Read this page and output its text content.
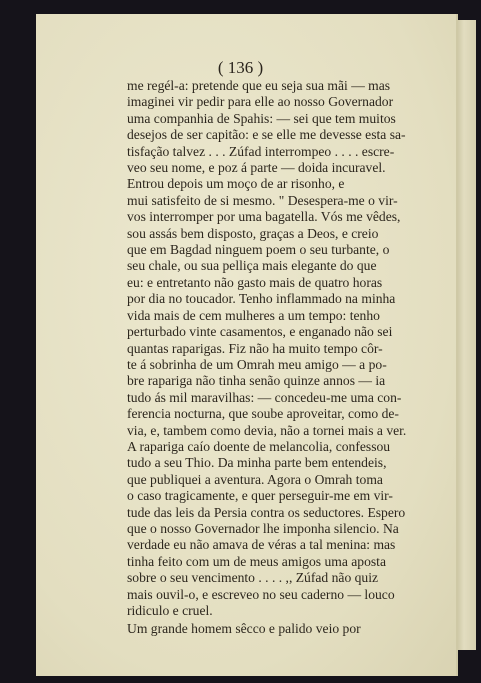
( 136 )
me regél-a: pretende que eu seja sua mãi — mas
imaginei vir pedir para elle ao nosso Governador
uma companhia de Spahis: — sei que tem muitos
desejos de ser capitão: e se elle me devesse esta sa-
tisfação talvez . . . Zúfad interrompeo . . . . escre-
veo seu nome, e poz á parte — doida incuravel.
Entrou depois um moço de ar risonho, e
mui satisfeito de si mesmo. " Desespera-me o vir-
vos interromper por uma bagatella. Vós me vêdes,
sou assás bem disposto, graças a Deos, e creio
que em Bagdad ninguem poem o seu turbante, o
seu chale, ou sua pelliça mais elegante do que
eu: e entretanto não gasto mais de quatro horas
por dia no toucador. Tenho inflammado na minha
vida mais de cem mulheres a um tempo: tenho
perturbado vinte casamentos, e enganado não sei
quantas raparigas. Fiz não ha muito tempo côr-
te á sobrinha de um Omrah meu amigo — a po-
bre rapariga não tinha senão quinze annos — ia
tudo ás mil maravilhas: — concedeu-me uma con-
ferencia nocturna, que soube aproveitar, como de-
via, e, tambem como devia, não a tornei mais a ver.
A rapariga caío doente de melancolia, confessou
tudo a seu Thio. Da minha parte bem entendeis,
que publiquei a aventura. Agora o Omrah toma
o caso tragicamente, e quer perseguir-me em vir-
tude das leis da Persia contra os seductores. Espero
que o nosso Governador lhe imponha silencio. Na
verdade eu não amava de véras a tal menina: mas
tinha feito com um de meus amigos uma aposta
sobre o seu vencimento . . . . ,, Zúfad não quiz
mais ouvil-o, e escreveo no seu caderno — louco
ridiculo e cruel.
Um grande homem sêcco e palido veio por
